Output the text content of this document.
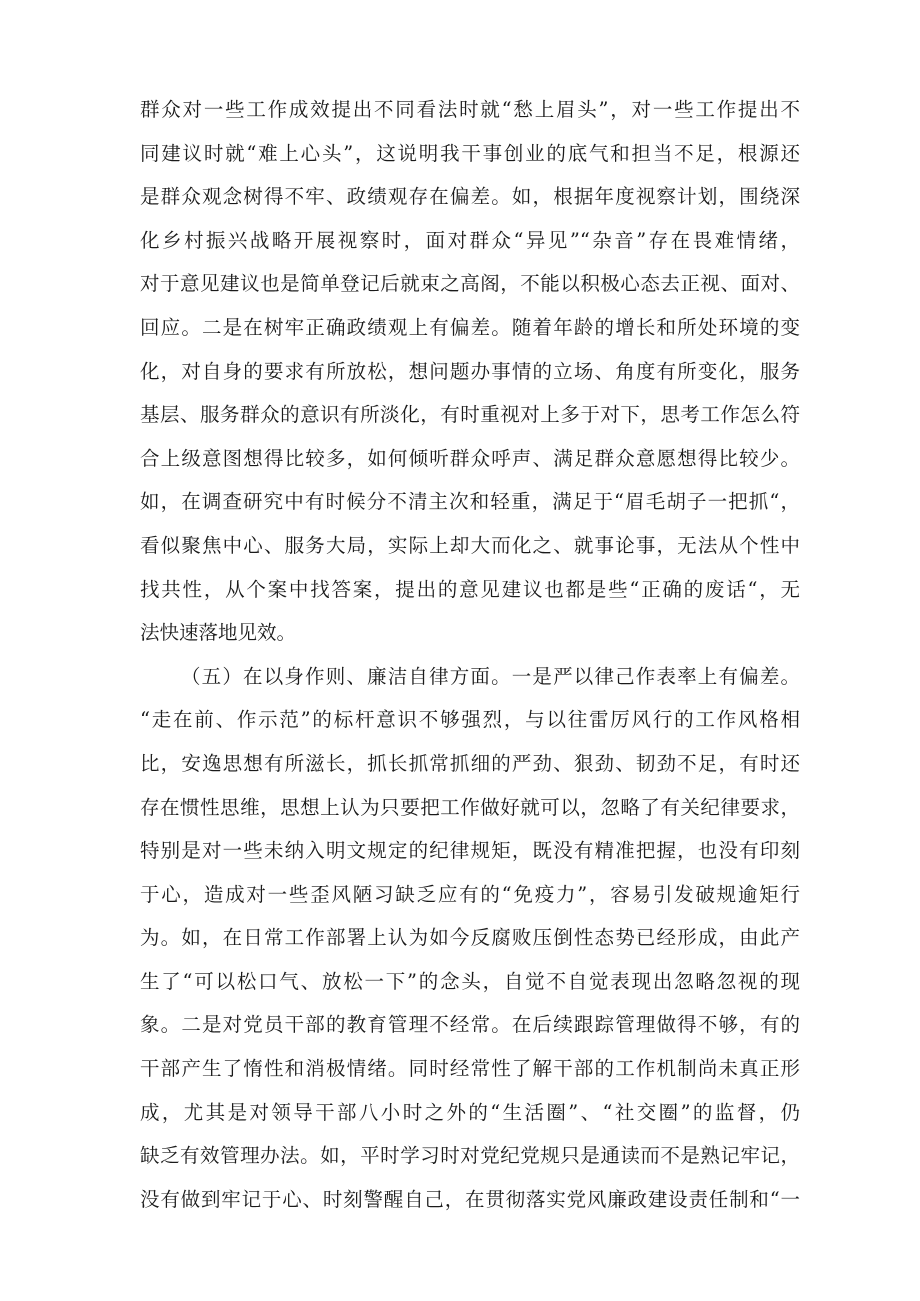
群众对一些工作成效提出不同看法时就“愁上眉头”，对一些工作提出不
同建议时就“难上心头”，这说明我干事创业的底气和担当不足，根源还
是群众观念树得不牢、政绩观存在偏差。如，根据年度视察计划，围绕深
化乡村振兴战略开展视察时，面对群众“异见”“杂音”存在畏难情绪，
对于意见建议也是简单登记后就束之高阁，不能以积极心态去正视、面对、
回应。二是在树牢正确政绩观上有偏差。随着年龄的增长和所处环境的变
化，对自身的要求有所放松，想问题办事情的立场、角度有所变化，服务
基层、服务群众的意识有所淡化，有时重视对上多于对下，思考工作怎么符
合上级意图想得比较多，如何倾听群众呼声、满足群众意愿想得比较少。
如，在调查研究中有时候分不清主次和轻重，满足于“眉毛胡子一把抓“，
看似聚焦中心、服务大局，实际上却大而化之、就事论事，无法从个性中
找共性，从个案中找答案，提出的意见建议也都是些“正确的废话“，无
法快速落地见效。
（五）在以身作则、廉洁自律方面。一是严以律己作表率上有偏差。
“走在前、作示范”的标杆意识不够强烈，与以往雷厉风行的工作风格相
比，安逸思想有所滋长，抓长抓常抓细的严劲、狠劲、韧劲不足，有时还
存在惯性思维，思想上认为只要把工作做好就可以，忽略了有关纪律要求，
特别是对一些未纳入明文规定的纪律规矩，既没有精准把握，也没有印刻
于心，造成对一些歪风陋习缺乏应有的“免疫力”，容易引发破规逾矩行
为。如，在日常工作部署上认为如今反腐败压倒性态势已经形成，由此产
生了“可以松口气、放松一下”的念头，自觉不自觉表现出忽略忽视的现
象。二是对党员干部的教育管理不经常。在后续跟踪管理做得不够，有的
干部产生了惰性和消极情绪。同时经常性了解干部的工作机制尚未真正形
成，尤其是对领导干部八小时之外的“生活圈”、“社交圈”的监督，仍
缺乏有效管理办法。如，平时学习时对党纪党规只是通读而不是熟记牢记，
没有做到牢记于心、时刻警醒自己，在贯彻落实党风廉政建设责任制和“一
